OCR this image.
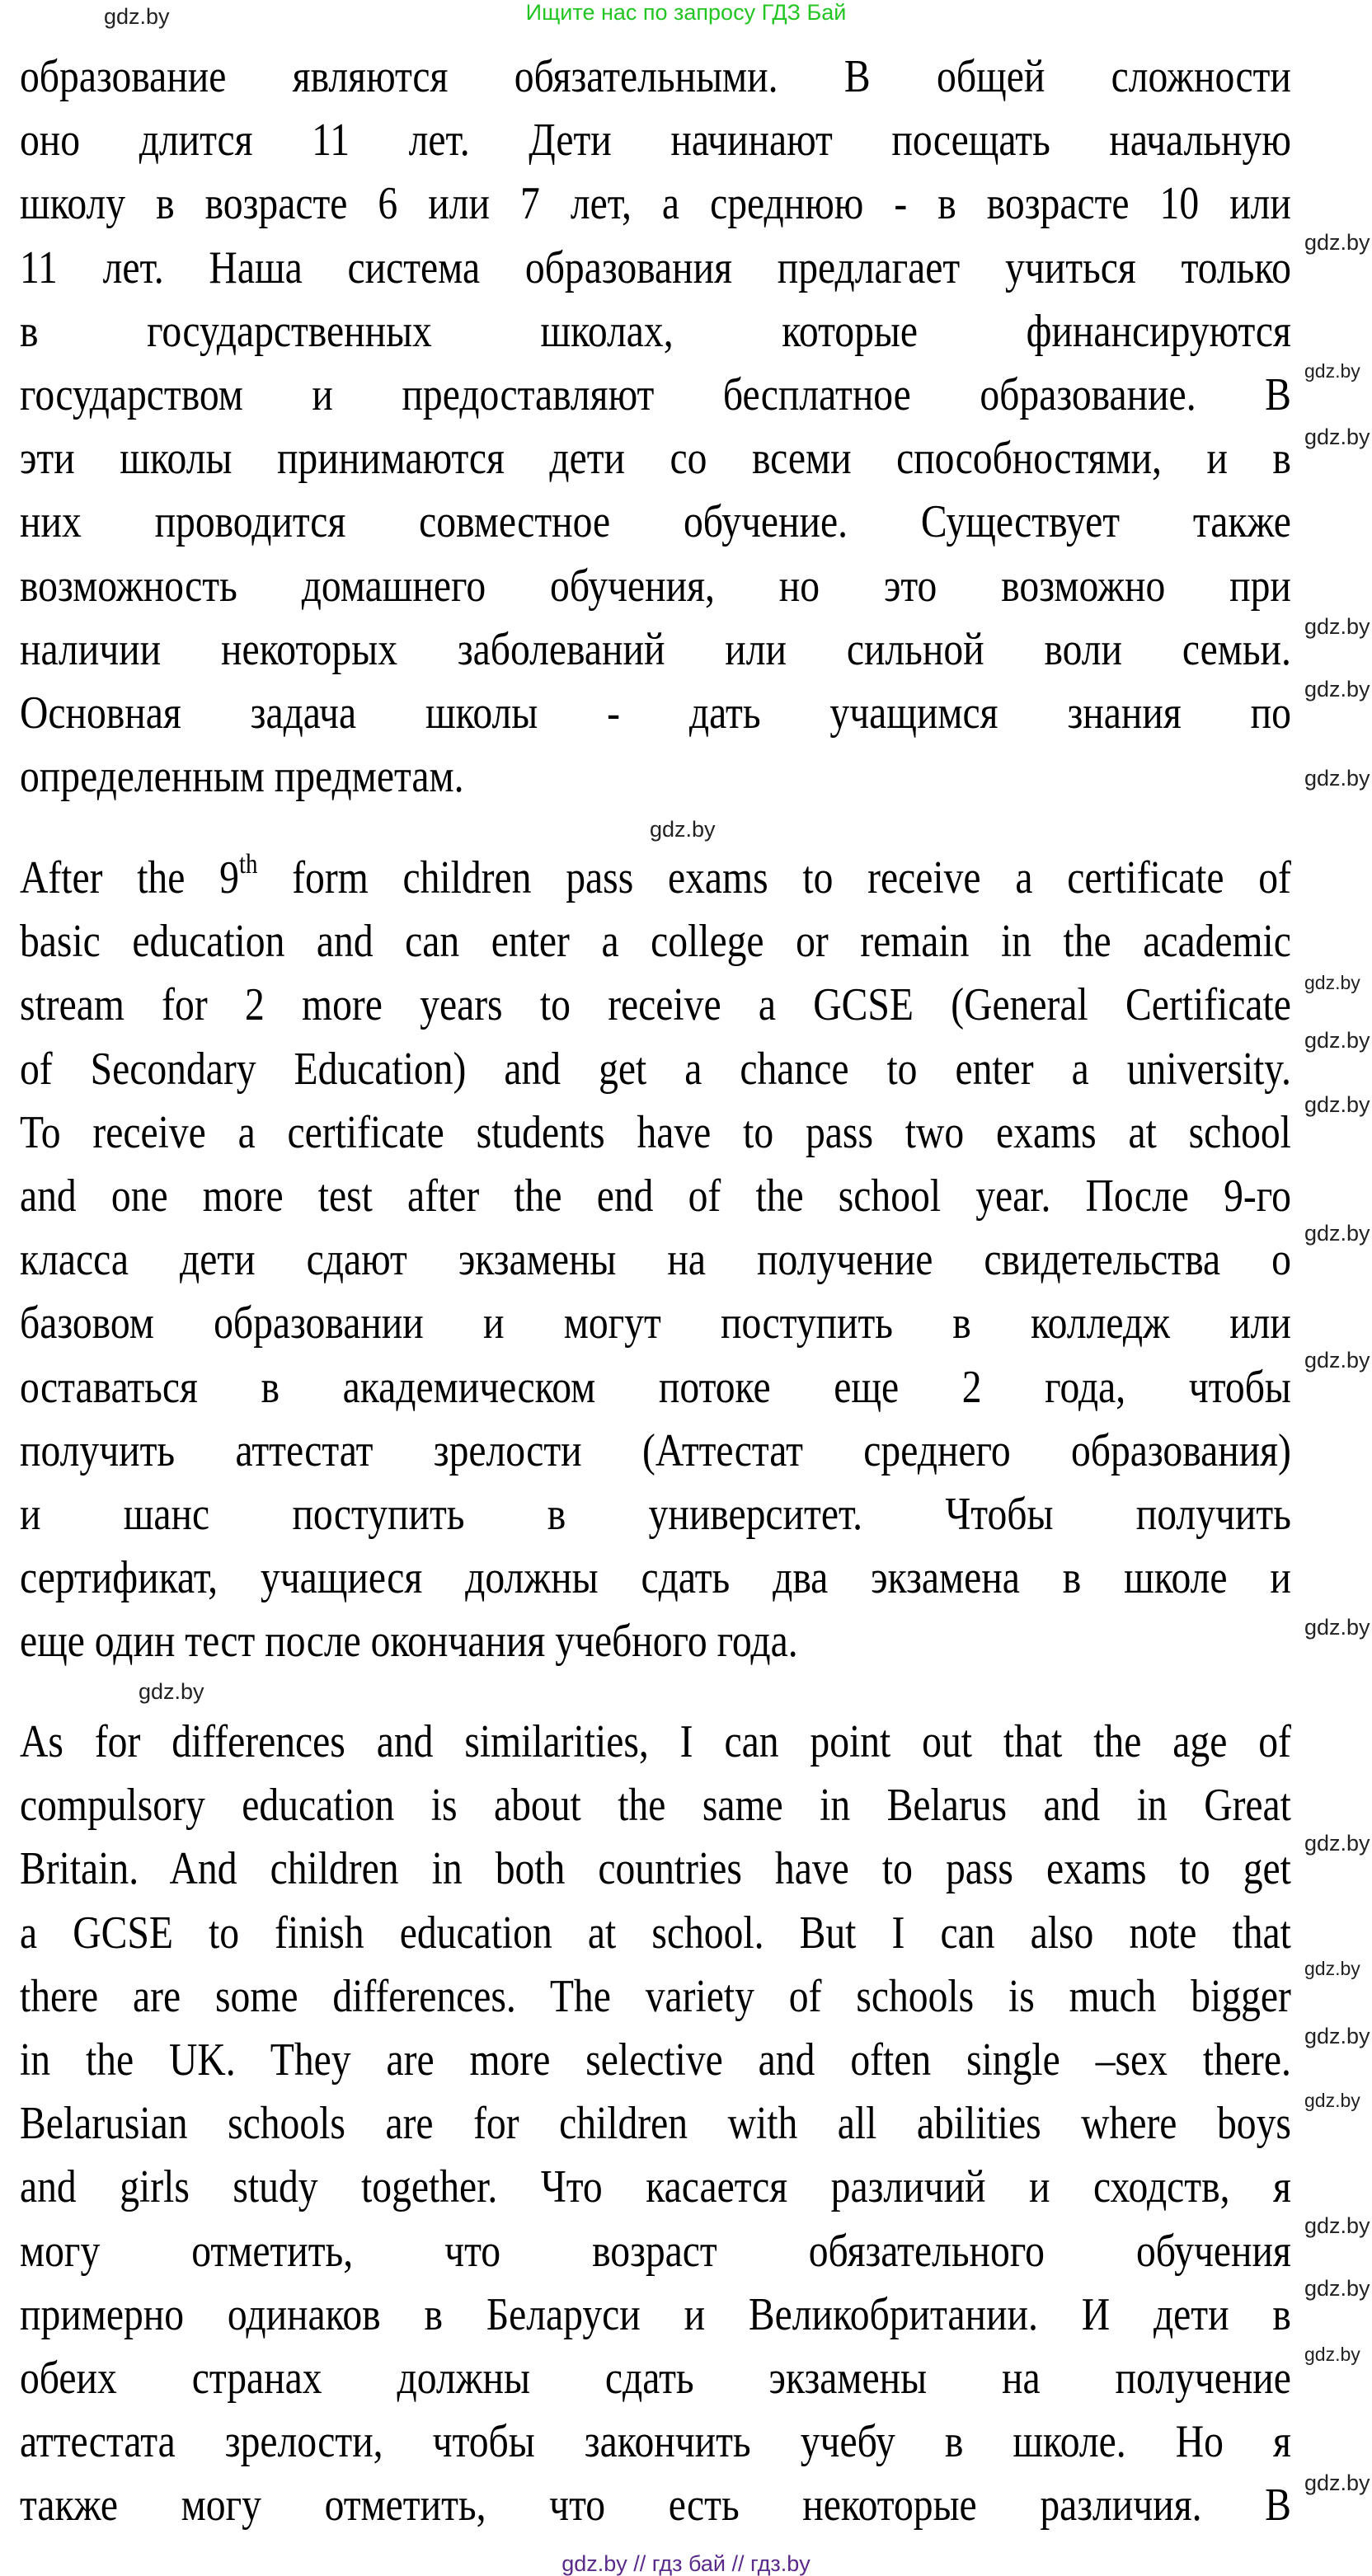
Ищите нас по запросу ГДЗ Бай
образование являются обязательными. В общей сложности
оно длится 11 лет. Дети начинают посещать начальную
школу в возрасте 6 или 7 лет, а среднюю - в возрасте 10 или
11 лет. Наша система образования предлагает учиться только
в государственных школах, которые финансируются
государством и предоставляют бесплатное образование. В
эти школы принимаются дети со всеми способностями, и в
них проводится совместное обучение. Существует также
возможность домашнего обучения, но это возможно при
наличии некоторых заболеваний или сильной воли семьи.
Основная задача школы - дать учащимся знания по
определенным предметам.
After the 9th form children pass exams to receive a certificate of
basic education and can enter a college or remain in the academic
stream for 2 more years to receive a GCSE (General Certificate
of Secondary Education) and get a chance to enter a university.
To receive a certificate students have to pass two exams at school
and one more test after the end of the school year. После 9-го
класса дети сдают экзамены на получение свидетельства о
базовом образовании и могут поступить в колледж или
оставаться в академическом потоке еще 2 года, чтобы
получить аттестат зрелости (Аттестат среднего образования)
и шанс поступить в университет. Чтобы получить
сертификат, учащиеся должны сдать два экзамена в школе и
еще один тест после окончания учебного года.
As for differences and similarities, I can point out that the age of
compulsory education is about the same in Belarus and in Great
Britain. And children in both countries have to pass exams to get
a GCSE to finish education at school. But I can also note that
there are some differences. The variety of schools is much bigger
in the UK. They are more selective and often single –sex there.
Belarusian schools are for children with all abilities where boys
and girls study together. Что касается различий и сходств, я
могу отметить, что возраст обязательного обучения
примерно одинаков в Беларуси и Великобритании. И дети в
обеих странах должны сдать экзамены на получение
аттестата зрелости, чтобы закончить учебу в школе. Но я
также могу отметить, что есть некоторые различия. В
gdz.by
gdz.by
gdz.by
gdz.by
gdz.by
gdz.by
gdz.by
gdz.by
gdz.by
gdz.by
gdz.by
gdz.by
gdz.by
gdz.by
gdz.by
gdz.by
gdz.by
gdz.by
gdz.by
gdz.by
gdz.by
gdz.by
gdz.by
gdz.by // гдз бай // гдз.by
